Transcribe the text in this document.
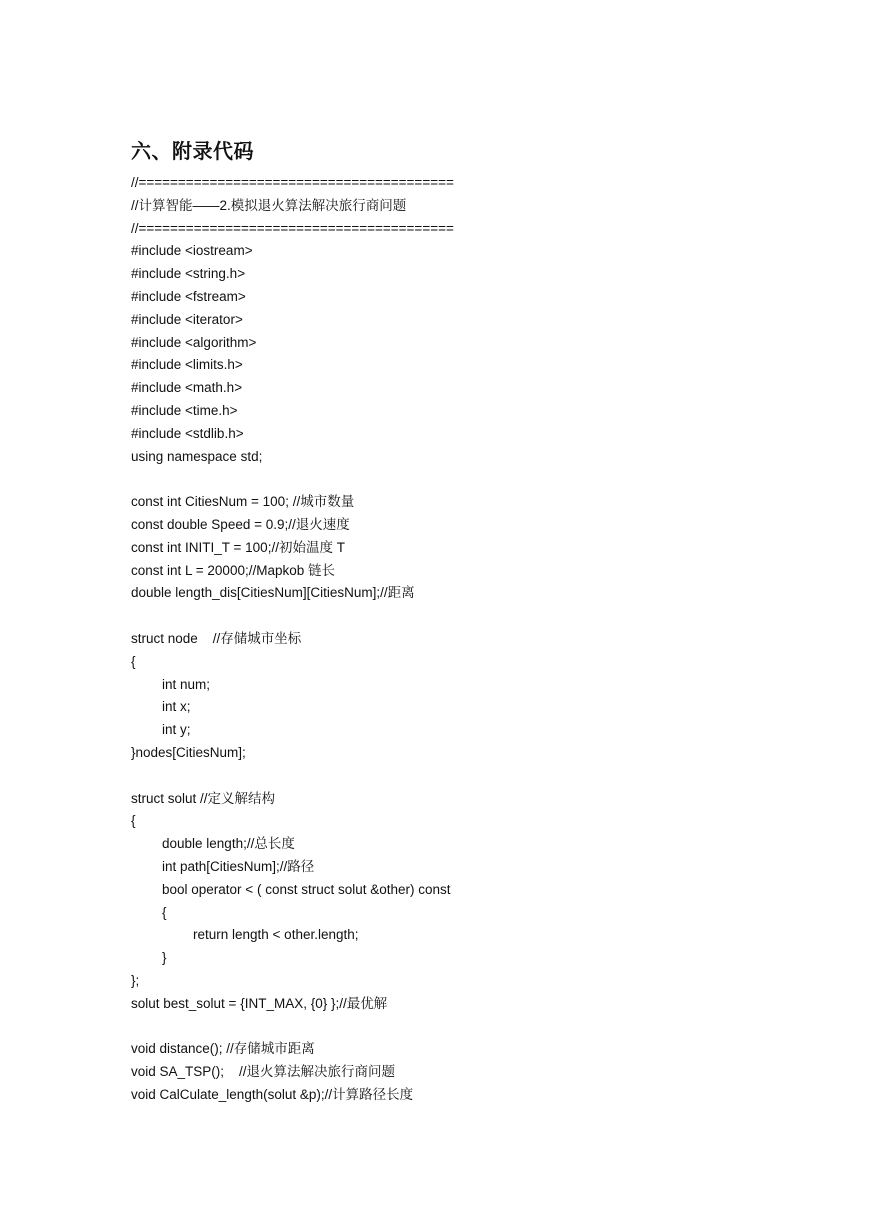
六、附录代码
//========================================
//计算智能——2.模拟退火算法解决旅行商问题
//========================================
#include <iostream>
#include <string.h>
#include <fstream>
#include <iterator>
#include <algorithm>
#include <limits.h>
#include <math.h>
#include <time.h>
#include <stdlib.h>
using namespace std;
const int CitiesNum = 100; //城市数量
const double Speed = 0.9;//退火速度
const int INITI_T = 100;//初始温度 T
const int L = 20000;//Mapkob 链长
double length_dis[CitiesNum][CitiesNum];//距离
struct node    //存储城市坐标
{
int num;
int x;
int y;
}nodes[CitiesNum];
struct solut //定义解结构
{
double length;//总长度
int path[CitiesNum];//路径
bool operator < ( const struct solut &other) const
{
return length < other.length;
}
};
solut best_solut = {INT_MAX, {0} };//最优解
void distance(); //存储城市距离
void SA_TSP();    //退火算法解决旅行商问题
void CalCulate_length(solut &p);//计算路径长度
